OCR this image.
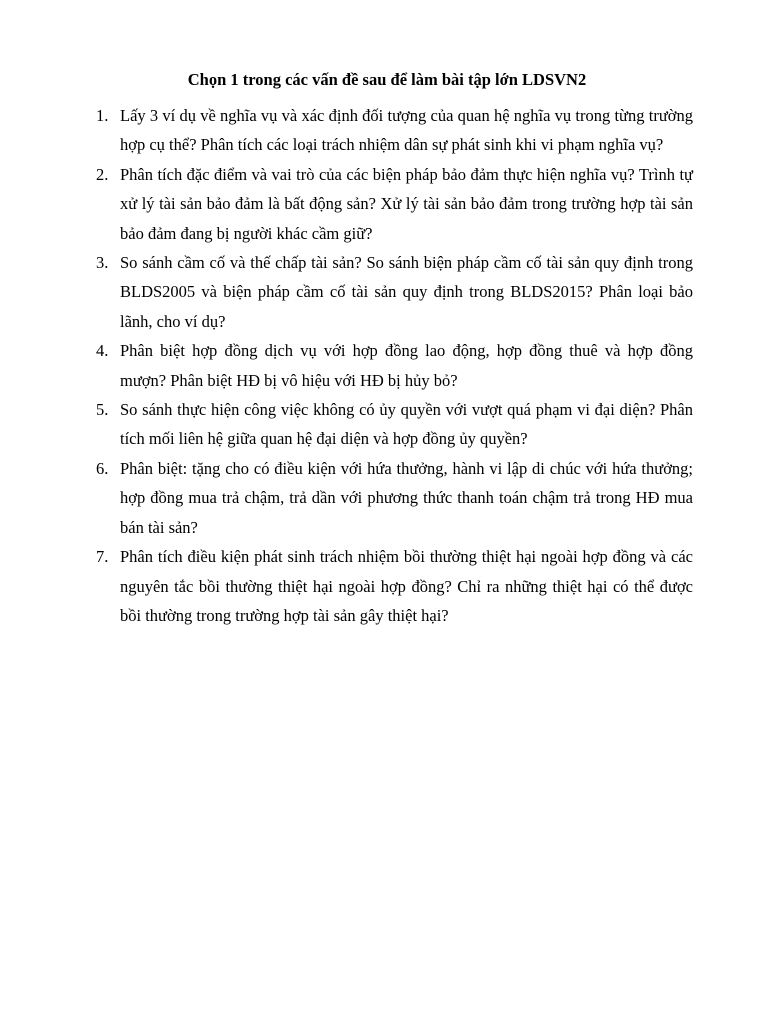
Chọn 1 trong các vấn đề sau để làm bài tập lớn LDSVN2
1. Lấy 3 ví dụ về nghĩa vụ và xác định đối tượng của quan hệ nghĩa vụ trong từng trường hợp cụ thể? Phân tích các loại trách nhiệm dân sự phát sinh khi vi phạm nghĩa vụ?
2. Phân tích đặc điểm và vai trò của các biện pháp bảo đảm thực hiện nghĩa vụ? Trình tự xử lý tài sản bảo đảm là bất động sản? Xử lý tài sản bảo đảm trong trường hợp tài sản bảo đảm đang bị người khác cầm giữ?
3. So sánh cầm cố và thế chấp tài sản? So sánh biện pháp cầm cố tài sản quy định trong BLDS2005 và biện pháp cầm cố tài sản quy định trong BLDS2015? Phân loại bảo lãnh, cho ví dụ?
4. Phân biệt hợp đồng dịch vụ với hợp đồng lao động, hợp đồng thuê và hợp đồng mượn? Phân biệt HĐ bị vô hiệu với HĐ bị hủy bỏ?
5. So sánh thực hiện công việc không có ủy quyền với vượt quá phạm vi đại diện? Phân tích mối liên hệ giữa quan hệ đại diện và hợp đồng ủy quyền?
6. Phân biệt: tặng cho có điều kiện với hứa thưởng, hành vi lập di chúc với hứa thưởng; hợp đồng mua trả chậm, trả dần với phương thức thanh toán chậm trả trong HĐ mua bán tài sản?
7. Phân tích điều kiện phát sinh trách nhiệm bồi thường thiệt hại ngoài hợp đồng và các nguyên tắc bồi thường thiệt hại ngoài hợp đồng? Chỉ ra những thiệt hại có thể được bồi thường trong trường hợp tài sản gây thiệt hại?
